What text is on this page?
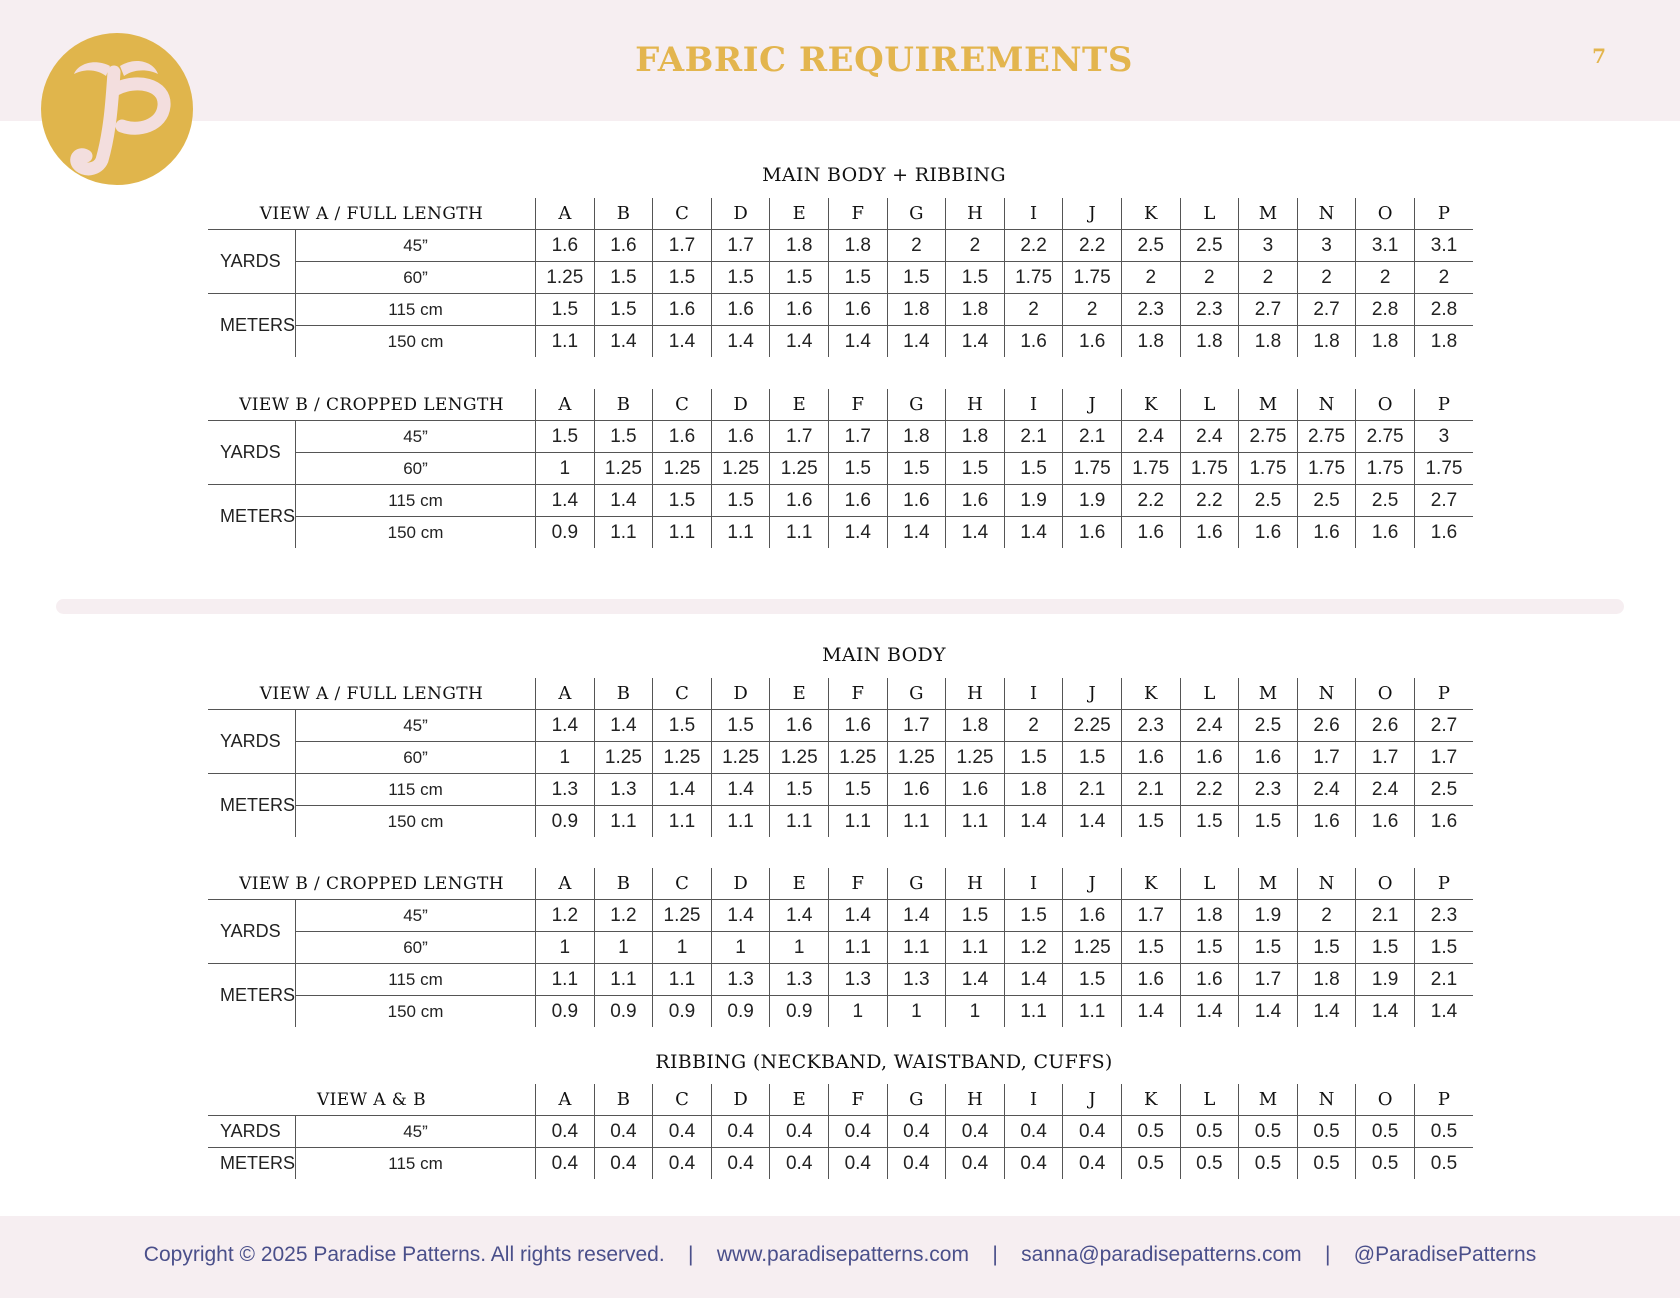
FABRIC REQUIREMENTS	7
MAIN BODY + RIBBING
VIEW A / FULL LENGTH		A	B	C	D	E	F	G	H	I	J	K	L	M	N	O	P
YARDS	45”	1.6	1.6	1.7	1.7	1.8	1.8	2	2	2.2	2.2	2.5	2.5	3	3	3.1	3.1
	60”	1.25	1.5	1.5	1.5	1.5	1.5	1.5	1.5	1.75	1.75	2	2	2	2	2	2
METERS	115 cm	1.5	1.5	1.6	1.6	1.6	1.6	1.8	1.8	2	2	2.3	2.3	2.7	2.7	2.8	2.8
	150 cm	1.1	1.4	1.4	1.4	1.4	1.4	1.4	1.4	1.6	1.6	1.8	1.8	1.8	1.8	1.8	1.8
VIEW B / CROPPED LENGTH		A	B	C	D	E	F	G	H	I	J	K	L	M	N	O	P
YARDS	45”	1.5	1.5	1.6	1.6	1.7	1.7	1.8	1.8	2.1	2.1	2.4	2.4	2.75	2.75	2.75	3
	60”	1	1.25	1.25	1.25	1.25	1.5	1.5	1.5	1.5	1.75	1.75	1.75	1.75	1.75	1.75	1.75
METERS	115 cm	1.4	1.4	1.5	1.5	1.6	1.6	1.6	1.6	1.9	1.9	2.2	2.2	2.5	2.5	2.5	2.7
	150 cm	0.9	1.1	1.1	1.1	1.1	1.4	1.4	1.4	1.4	1.6	1.6	1.6	1.6	1.6	1.6	1.6
MAIN BODY
VIEW A / FULL LENGTH		A	B	C	D	E	F	G	H	I	J	K	L	M	N	O	P
YARDS	45”	1.4	1.4	1.5	1.5	1.6	1.6	1.7	1.8	2	2.25	2.3	2.4	2.5	2.6	2.6	2.7
	60”	1	1.25	1.25	1.25	1.25	1.25	1.25	1.25	1.5	1.5	1.6	1.6	1.6	1.7	1.7	1.7
METERS	115 cm	1.3	1.3	1.4	1.4	1.5	1.5	1.6	1.6	1.8	2.1	2.1	2.2	2.3	2.4	2.4	2.5
	150 cm	0.9	1.1	1.1	1.1	1.1	1.1	1.1	1.1	1.4	1.4	1.5	1.5	1.5	1.6	1.6	1.6
VIEW B / CROPPED LENGTH		A	B	C	D	E	F	G	H	I	J	K	L	M	N	O	P
YARDS	45”	1.2	1.2	1.25	1.4	1.4	1.4	1.4	1.5	1.5	1.6	1.7	1.8	1.9	2	2.1	2.3
	60”	1	1	1	1	1	1.1	1.1	1.1	1.2	1.25	1.5	1.5	1.5	1.5	1.5	1.5
METERS	115 cm	1.1	1.1	1.1	1.3	1.3	1.3	1.3	1.4	1.4	1.5	1.6	1.6	1.7	1.8	1.9	2.1
	150 cm	0.9	0.9	0.9	0.9	0.9	1	1	1	1.1	1.1	1.4	1.4	1.4	1.4	1.4	1.4
RIBBING (NECKBAND, WAISTBAND, CUFFS)
VIEW A & B		A	B	C	D	E	F	G	H	I	J	K	L	M	N	O	P
YARDS	45”	0.4	0.4	0.4	0.4	0.4	0.4	0.4	0.4	0.4	0.4	0.5	0.5	0.5	0.5	0.5	0.5
METERS	115 cm	0.4	0.4	0.4	0.4	0.4	0.4	0.4	0.4	0.4	0.4	0.5	0.5	0.5	0.5	0.5	0.5
Copyright © 2025 Paradise Patterns. All rights reserved. | www.paradisepatterns.com | sanna@paradisepatterns.com | @ParadisePatterns
